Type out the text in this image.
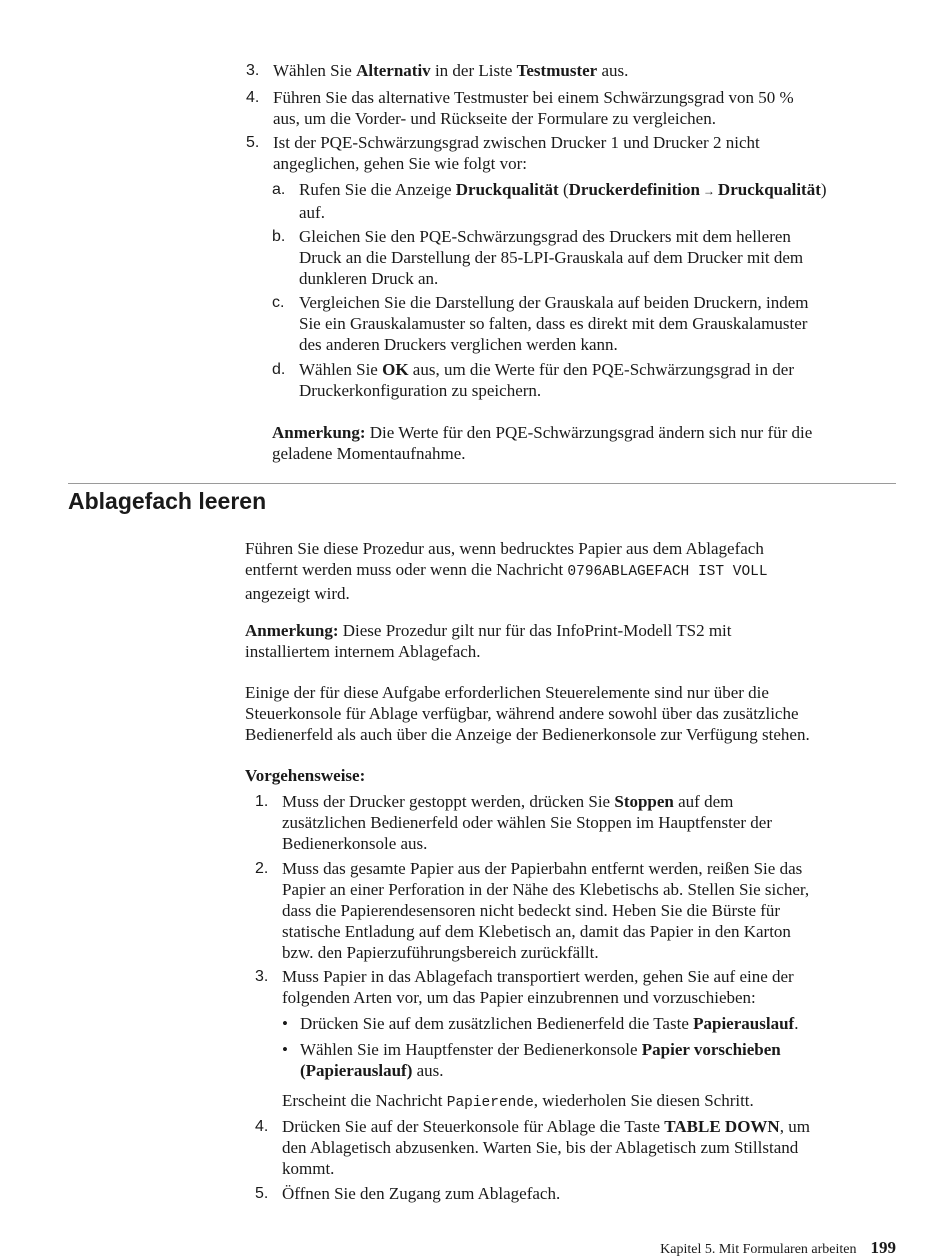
3. Wählen Sie Alternativ in der Liste Testmuster aus.

4. Führen Sie das alternative Testmuster bei einem Schwärzungsgrad von 50 %
aus, um die Vorder- und Rückseite der Formulare zu vergleichen.

5. Ist der PQE-Schwärzungsgrad zwischen Drucker 1 und Drucker 2 nicht
angeglichen, gehen Sie wie folgt vor:

a. Rufen Sie die Anzeige Druckqualität (Druckerdefinition → Druckqualität)
auf.

b. Gleichen Sie den PQE-Schwärzungsgrad des Druckers mit dem helleren
Druck an die Darstellung der 85-LPI-Grauskala auf dem Drucker mit dem
dunkleren Druck an.

c. Vergleichen Sie die Darstellung der Grauskala auf beiden Druckern, indem
Sie ein Grauskalamuster so falten, dass es direkt mit dem Grauskalamuster
des anderen Druckers verglichen werden kann.

d. Wählen Sie OK aus, um die Werte für den PQE-Schwärzungsgrad in der
Druckerkonfiguration zu speichern.

Anmerkung: Die Werte für den PQE-Schwärzungsgrad ändern sich nur für die
geladene Momentaufnahme.

Ablagefach leeren

Führen Sie diese Prozedur aus, wenn bedrucktes Papier aus dem Ablagefach
entfernt werden muss oder wenn die Nachricht 0796ABLAGEFACH IST VOLL
angezeigt wird.

Anmerkung: Diese Prozedur gilt nur für das InfoPrint-Modell TS2 mit
installiertem internem Ablagefach.

Einige der für diese Aufgabe erforderlichen Steuerelemente sind nur über die
Steuerkonsole für Ablage verfügbar, während andere sowohl über das zusätzliche
Bedienerfeld als auch über die Anzeige der Bedienerkonsole zur Verfügung stehen.

Vorgehensweise:

1. Muss der Drucker gestoppt werden, drücken Sie Stoppen auf dem
zusätzlichen Bedienerfeld oder wählen Sie Stoppen im Hauptfenster der
Bedienerkonsole aus.

2. Muss das gesamte Papier aus der Papierbahn entfernt werden, reißen Sie das
Papier an einer Perforation in der Nähe des Klebetischs ab. Stellen Sie sicher,
dass die Papierendesensoren nicht bedeckt sind. Heben Sie die Bürste für
statische Entladung auf dem Klebetisch an, damit das Papier in den Karton
bzw. den Papierzuführungsbereich zurückfällt.

3. Muss Papier in das Ablagefach transportiert werden, gehen Sie auf eine der
folgenden Arten vor, um das Papier einzubrennen und vorzuschieben:

• Drücken Sie auf dem zusätzlichen Bedienerfeld die Taste Papierauslauf.

• Wählen Sie im Hauptfenster der Bedienerkonsole Papier vorschieben
(Papierauslauf) aus.

Erscheint die Nachricht Papierende, wiederholen Sie diesen Schritt.

4. Drücken Sie auf der Steuerkonsole für Ablage die Taste TABLE DOWN, um
den Ablagetisch abzusenken. Warten Sie, bis der Ablagetisch zum Stillstand
kommt.

5. Öffnen Sie den Zugang zum Ablagefach.

Kapitel 5. Mit Formularen arbeiten 199
